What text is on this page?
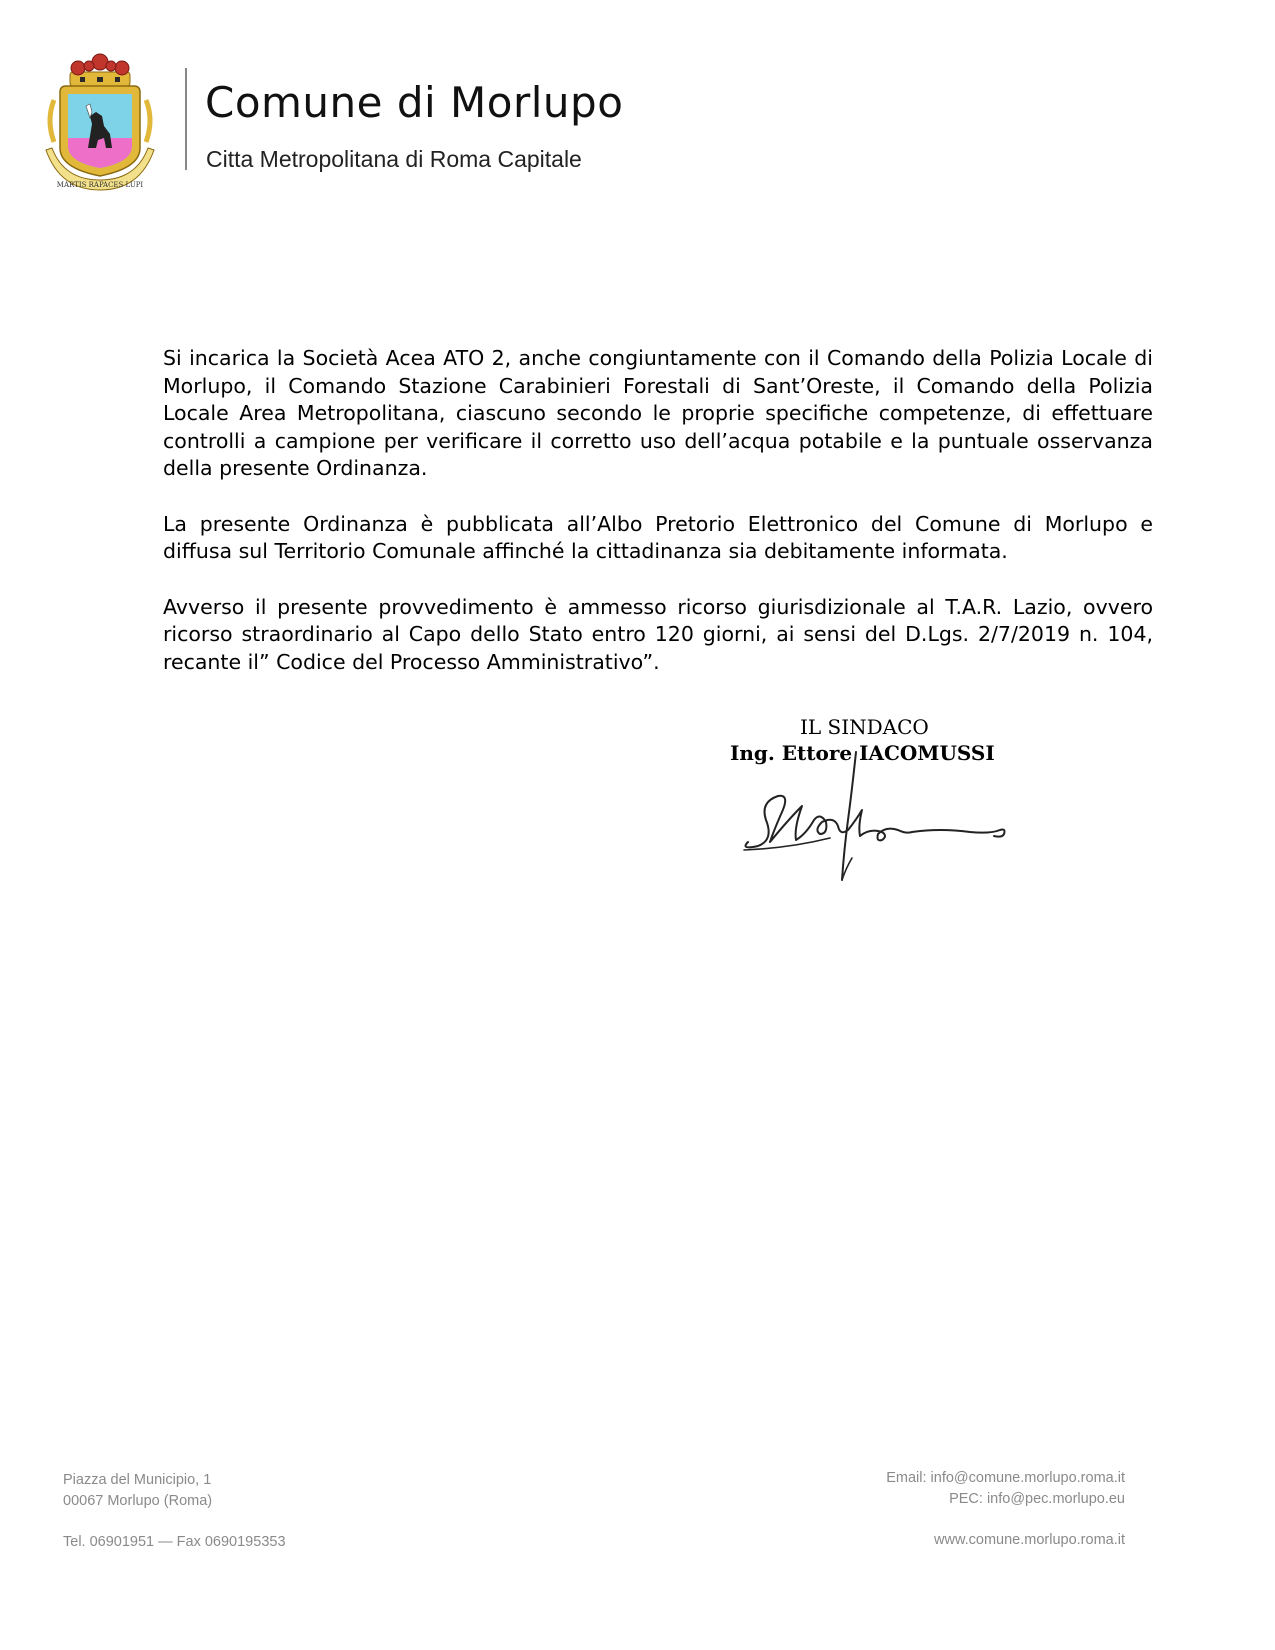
MARTIS RAPACES LUPI
Comune di Morlupo
Citta Metropolitana di Roma Capitale

Si incarica la Società Acea ATO 2, anche congiuntamente con il Comando della Polizia Locale di Morlupo, il Comando Stazione Carabinieri Forestali di Sant’Oreste, il Comando della Polizia Locale Area Metropolitana, ciascuno secondo le proprie specifiche competenze, di effettuare controlli a campione per verificare il corretto uso dell’acqua potabile e la puntuale osservanza della presente Ordinanza.

La presente Ordinanza è pubblicata all’Albo Pretorio Elettronico del Comune di Morlupo e diffusa sul Territorio Comunale affinché la cittadinanza sia debitamente informata.

Avverso il presente provvedimento è ammesso ricorso giurisdizionale al T.A.R. Lazio, ovvero ricorso straordinario al Capo dello Stato entro 120 giorni, ai sensi del D.Lgs. 2/7/2019 n. 104, recante il” Codice del Processo Amministrativo”.

IL SINDACO
Ing. Ettore IACOMUSSI
Piazza del Municipio, 1
00067 Morlupo (Roma)
Tel. 06901951 — Fax 0690195353
Email: info@comune.morlupo.roma.it
PEC: info@pec.morlupo.eu
www.comune.morlupo.roma.it
